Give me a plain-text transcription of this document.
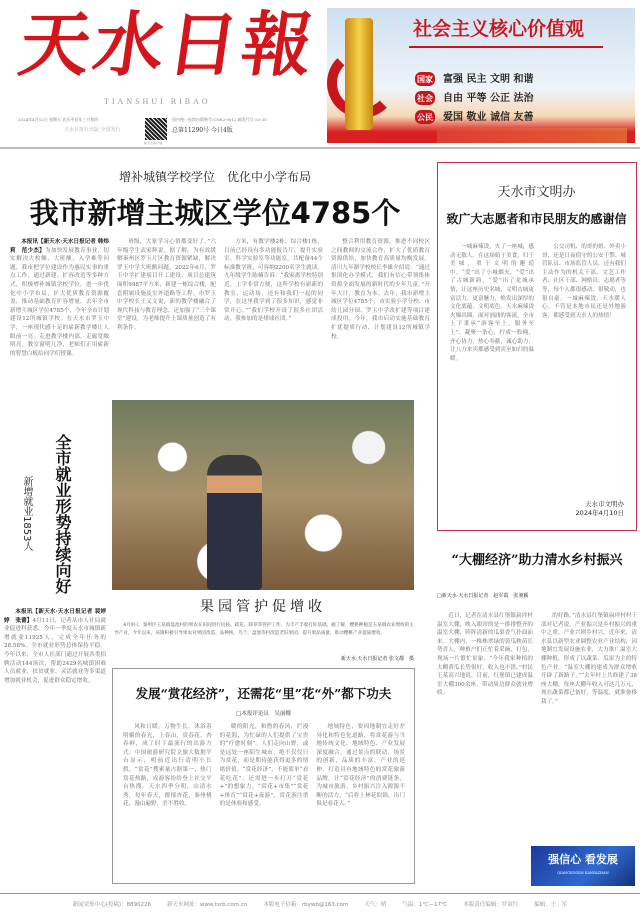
天水日報
TIANSHUI RIBAO
2024年4月12日 星期五 农历甲辰年三月初四
天水日报社出版 全国发行
新天水客户端
国内统一连续出版物号:CN62-0012 邮发代号:53-35
总第11290号 今日4版
社会主义核心价值观
国家 富强 民主 文明 和谐
社会 自由 平等 公正 法治
公民 爱国 敬业 诚信 友善
增补城镇学校学位　优化中小学布局
我市新增主城区学位4785个

本报讯【新天水·天水日报记者 韩炜莉　范少杰】为加快发展教育事业，切实解决大校额、大班额、入学难等问题，我市把学位建设作为惠民实事的重点工作，通过新建、扩容改造等多种方式，积极增补城镇学校学位，进一步优化中小学布局，扩大优质教育资源覆盖，推动基础教育扩容增量。去年全市新增主城区学位4785个，今年全市计划建设12所城镇学校。在天水市罗玉中学，一座现代感十足的崭新教学楼让人眼前一亮。走进教学楼内部，走廊宽敞明亮，教室窗明几净，老师们正用崭新的智慧白板给同学们授课。

班级，大家学习心情都变好了。”六年级学生武家辉说。据了解，为有效缓解秦州区罗玉片区教育资源紧缺，解决罗玉中学大班额问题，2022年6月，罗玉中学扩建项目开工建设，项目总建筑面积9987平方米，新建一栋综合楼，配套附属设施及室外道路等工程。市罗玉中学校长王义文说，新的教学楼融合了现代科技与教育理念，还加强了“三个课堂”建设，为老师提升上课质量创造了有利条件。

方米，有教学楼2栋、综合楼1栋，目前已经设有多功能报告厅，提升实验室、科学实验室等功能室，共配备44个标准教学班，可容纳2200名学生就读。九年级学生陈楠告诉：“我家离学校特别近，上学非常方便，这所学校有崭新的教室、运动场，还有和我们一起的同学，在这里我学到了很多知识，感觉非常开心。”“我们学校开设了很多社团活动，我参加的是排球社团。”

整合利用教育资源，推进不同校区之间教师的交流合作，扩大了优质教育资源供给，加快教育高质量均衡发展。清川九年制学校校长李雄介绍说：“通过集团化办学模式，我们有信心带领集体资源全面发展的新时代的少年儿童。”开年大计，教育为本。去年，我市新增主城区学位4785个，市实验小学分校、市幼儿园分园、罗玉中学改扩建等项目建成投用。今年，我市启动实施基础教育扩优提质行动，计划建设12所城镇学校。

天水市文明办
致广大志愿者和市民朋友的感谢信

一城麻辣烫，火了一座城，感动无数人。在这场始于美食，归于美城，重于文明的邂逅中，“爱”出了小城烟火，“爱”出了古城新韵，“爱”出了龙城承情，让这座历史名城，文明古城更富活力、更富魅力，焕发出深厚的文化底蕴、文明底色。天水麻辣烫火爆出圈，面对汹涌的客流，全市上下秉承“游客至上，服务至上”，凝聚一条心，拧成一股绳，齐心协力，热心奉献，诚心助力，让八方来宾都感受到宾至如归的温暖。

公交司机、的哥的姐、外卖小哥，还是日夜值守的公安干警、城管队员、市场监管人员，还有我们主动作为的机关干部、文艺工作者、社区干部、网格员、志愿者等等，每个人都很感动、很敬动，也很自豪。一城麻辣烫，天水暖人心。不管是本地市民还是外地游客，都感受到天水人的热情！

天水市文明办
2024年4月10日
全市就业形势持续向好
新增就业1853人

本报讯【新天水·天水日报记者 裴婷婷　张蕾】4月11日，记者从市人社局就业促进科获悉，今年一季度天水市城镇新增就业11925人，完成全年任务的28.58%。全市就业形势总体保持平稳。今年以来，全市人社部门通过开展各类招聘活动144场次，帮助2429名城镇困难人员就业，扶贫就业、灵活就业等多渠道增加就业机会，促进群众稳定增收。

果园管护促增收
4月9日，秦州区玉泉镇盘池村的果农在田间进行拉枝、疏花、除草等管护工作，为丰产丰收打好基础。据了解，樱桃种植是玉泉镇农业增收的主导产业，今年以来，该镇积极引导果农对果园改造、品种换、乌兰、盘池等村改造老旧果园，提升果品质量，推动樱桃产业提质增效。
新天水·天水日报记者 张文都　摄
发展“赏花经济”，还需花“里”花“外”都下功夫
□本报评论员　吴丽娜

风和日暖，万物生长。沐浴着明媚的春光，上春山，赏春花，杏春鲜，成了时下最流行的出游方式。中国旅游研究院文旅大数据平台显示，明前近出行清明小长假，“赏花”搜索量占据第一，热门赏花热路，成游客纷纷登上社交平台热搜。天水四季分明，山清水秀，每年春天，都郁杏花，秦州桃花，漫山遍野，美不胜收。

暖的阳光，和煦的春风，烂漫的花海，为忙碌的人们提供了宝贵的“疗愈时刻”。人们走向山野，或是远处一座陌生城市，绝不仅仅只为赏花，而是期待能获得更多的情绪价值。“赏花经济”，不能简单“看花吃花”，还需进一步打开“赏花+”的想象力。“赏花+市集”“赏花+体育”“赏花+夜游”，赏花游注重的是体验和感受。

地域特色，要因地制宜走好差异化和特色化道路，将赏花游与当地传统文化、地域特色、产业发展深度融合，通过景点的联动，场景的创新，品质的丰富，产业的延伸，打造具有地域特色的赏花旅游品牌。让“赏花经济”的消费链条，为城市旅游、乡村振兴注入源源不断的活力。“后将上林花似锦，出门俱是看花人。”

“大棚经济”助力清水乡村振兴
□新天水·天水日报记者　赵军霞　张昶颖

近日，记者在清水县红堡镇扁坪村温室大棚，映入眼帘的是一排排整齐的温室大棚，阵阵清新的瓜果香气扑面而来。大棚内，一株株翠绿的黄瓜秧苗长势喜人，种植户们正忙着采摘、打包，现场一片繁忙景象。“今年我家种植的大棚黄瓜长势很好，收入也不错。”村民王某高兴地说。目前，红堡镇已建成温室大棚300余座，带动周边群众就业增收。

的好路。”清水县红堡镇扁坪村村干部对记者说。产业振兴是乡村振兴的重中之重。产业兴则乡村兴，近年来，清水县以新型农业调整农业产业结构，因地制宜发展设施农业，大力推广温室大棚种植，形成了以蔬菜、瓜果为主的特色产业。“温室大棚的建成为群众增收开辟了新路子。”“去年村上共修建了38座大棚，每座大棚年收入可达几万元，现在蔬菜都已备好，等温度，就准备移栽了。”

强信心 看发展
QIANGXINXIN KANFAZHAN
新闻采集中心(投稿)：8890226	新天水网址：www.tsrb.com.cn	本版电子信箱：rbywb@163.com	天气：晴	气温：1℃—17℃	本版责任编辑：罗双红	编辑：王　军
